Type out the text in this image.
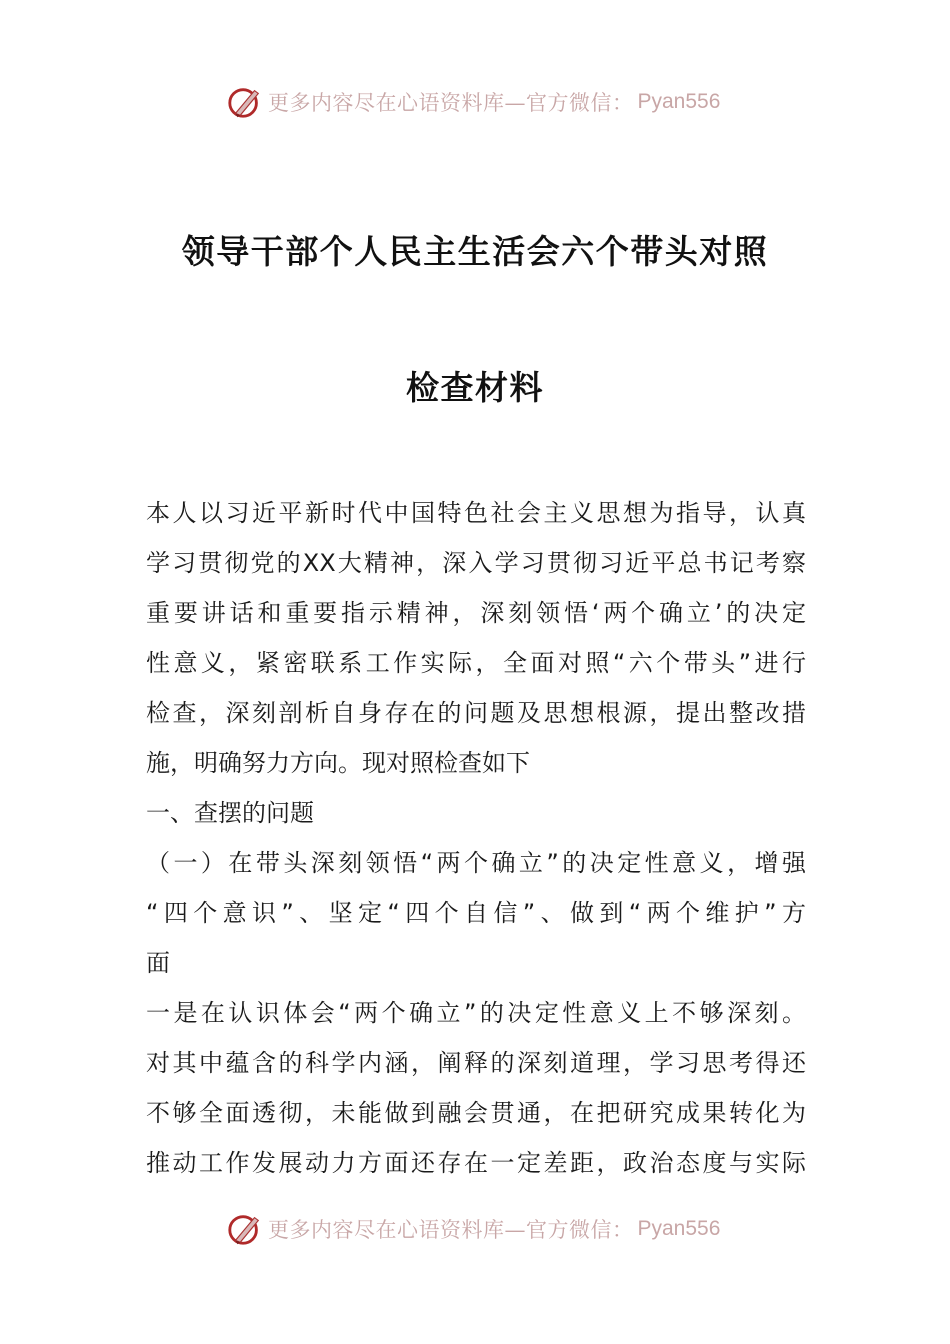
更多内容尽在心语资料库—官方微信： Pyan556
领导干部个人民主生活会六个带头对照
检查材料
本人以习近平新时代中国特色社会主义思想为指导，认真
学习贯彻党的XX大精神，深入学习贯彻习近平总书记考察
重要讲话和重要指示精神，深刻领悟‘两个确立’的决定
性意义，紧密联系工作实际，全面对照“六个带头”进行
检查，深刻剖析自身存在的问题及思想根源，提出整改措
施，明确努力方向。现对照检查如下
一、查摆的问题
（一）在带头深刻领悟“两个确立”的决定性意义，增强
“四个意识”、坚定“四个自信”、做到“两个维护”方
面
一是在认识体会“两个确立”的决定性意义上不够深刻。
对其中蕴含的科学内涵，阐释的深刻道理，学习思考得还
不够全面透彻，未能做到融会贯通，在把研究成果转化为
推动工作发展动力方面还存在一定差距，政治态度与实际
更多内容尽在心语资料库—官方微信： Pyan556
